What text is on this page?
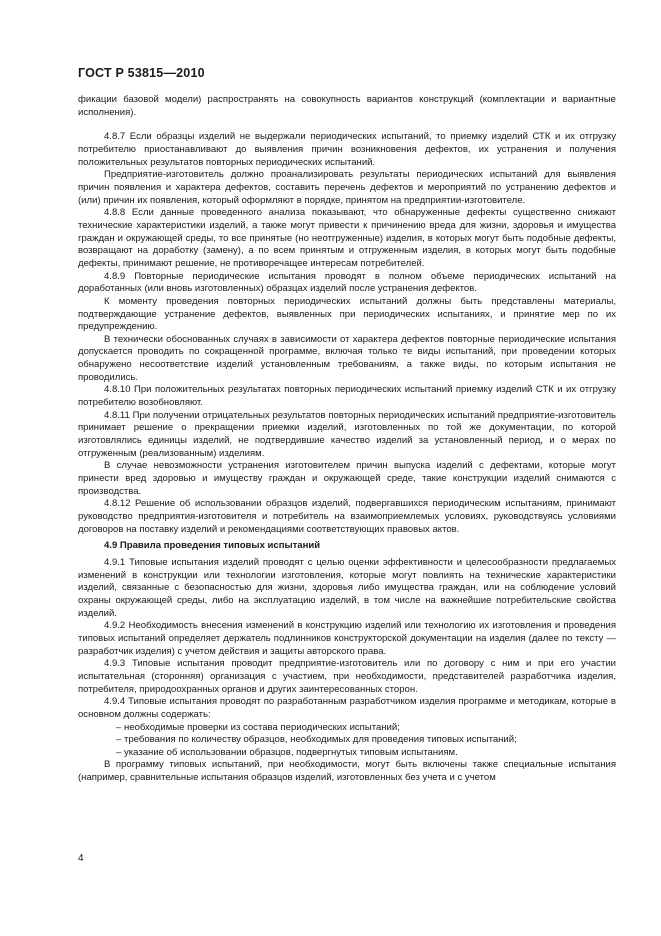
ГОСТ Р 53815—2010

фикации базовой модели) распространять на совокупность вариантов конструкций (комплектации и вариантные исполнения).

4.8.7 Если образцы изделий не выдержали периодических испытаний, то приемку изделий СТК и их отгрузку потребителю приостанавливают до выявления причин возникновения дефектов, их устранения и получения положительных результатов повторных периодических испытаний.

Предприятие-изготовитель должно проанализировать результаты периодических испытаний для выявления причин появления и характера дефектов, составить перечень дефектов и мероприятий по устранению дефектов и (или) причин их появления, который оформляют в порядке, принятом на предприятии-изготовителе.

4.8.8 Если данные проведенного анализа показывают, что обнаруженные дефекты существенно снижают технические характеристики изделий, а также могут привести к причинению вреда для жизни, здоровья и имущества граждан и окружающей среды, то все принятые (но неотгруженные) изделия, в которых могут быть подобные дефекты, возвращают на доработку (замену), а по всем принятым и отгруженным изделия, в которых могут быть подобные дефекты, принимают решение, не противоречащее интересам потребителей.

4.8.9 Повторные периодические испытания проводят в полном объеме периодических испытаний на доработанных (или вновь изготовленных) образцах изделий после устранения дефектов.

К моменту проведения повторных периодических испытаний должны быть представлены материалы, подтверждающие устранение дефектов, выявленных при периодических испытаниях, и принятие мер по их предупреждению.

В технически обоснованных случаях в зависимости от характера дефектов повторные периодические испытания допускается проводить по сокращенной программе, включая только те виды испытаний, при проведении которых обнаружено несоответствие изделий установленным требованиям, а также виды, по которым испытания не проводились.

4.8.10 При положительных результатах повторных периодических испытаний приемку изделий СТК и их отгрузку потребителю возобновляют.

4.8.11 При получении отрицательных результатов повторных периодических испытаний предприятие-изготовитель принимает решение о прекращении приемки изделий, изготовленных по той же документации, по которой изготовлялись единицы изделий, не подтвердившие качество изделий за установленный период, и о мерах по отгруженным (реализованным) изделиям.

В случае невозможности устранения изготовителем причин выпуска изделий с дефектами, которые могут принести вред здоровью и имуществу граждан и окружающей среде, такие конструкции изделий снимаются с производства.

4.8.12 Решение об использовании образцов изделий, подвергавшихся периодическим испытаниям, принимают руководство предприятия-изготовителя и потребитель на взаимоприемлемых условиях, руководствуясь условиями договоров на поставку изделий и рекомендациями соответствующих правовых актов.

4.9 Правила проведения типовых испытаний

4.9.1 Типовые испытания изделий проводят с целью оценки эффективности и целесообразности предлагаемых изменений в конструкции или технологии изготовления, которые могут повлиять на технические характеристики изделий, связанные с безопасностью для жизни, здоровья либо имущества граждан, или на соблюдение условий охраны окружающей среды, либо на эксплуатацию изделий, в том числе на важнейшие потребительские свойства изделий.

4.9.2 Необходимость внесения изменений в конструкцию изделий или технологию их изготовления и проведения типовых испытаний определяет держатель подлинников конструкторской документации на изделия (далее по тексту — разработчик изделия) с учетом действия и защиты авторского права.

4.9.3 Типовые испытания проводит предприятие-изготовитель или по договору с ним и при его участии испытательная (сторонняя) организация с участием, при необходимости, представителей разработчика изделия, потребителя, природоохранных органов и других заинтересованных сторон.

4.9.4 Типовые испытания проводят по разработанным разработчиком изделия программе и методикам, которые в основном должны содержать:

– необходимые проверки из состава периодических испытаний;

– требования по количеству образцов, необходимых для проведения типовых испытаний;

– указание об использовании образцов, подвергнутых типовым испытаниям.

В программу типовых испытаний, при необходимости, могут быть включены также специальные испытания (например, сравнительные испытания образцов изделий, изготовленных без учета и с учетом

4
